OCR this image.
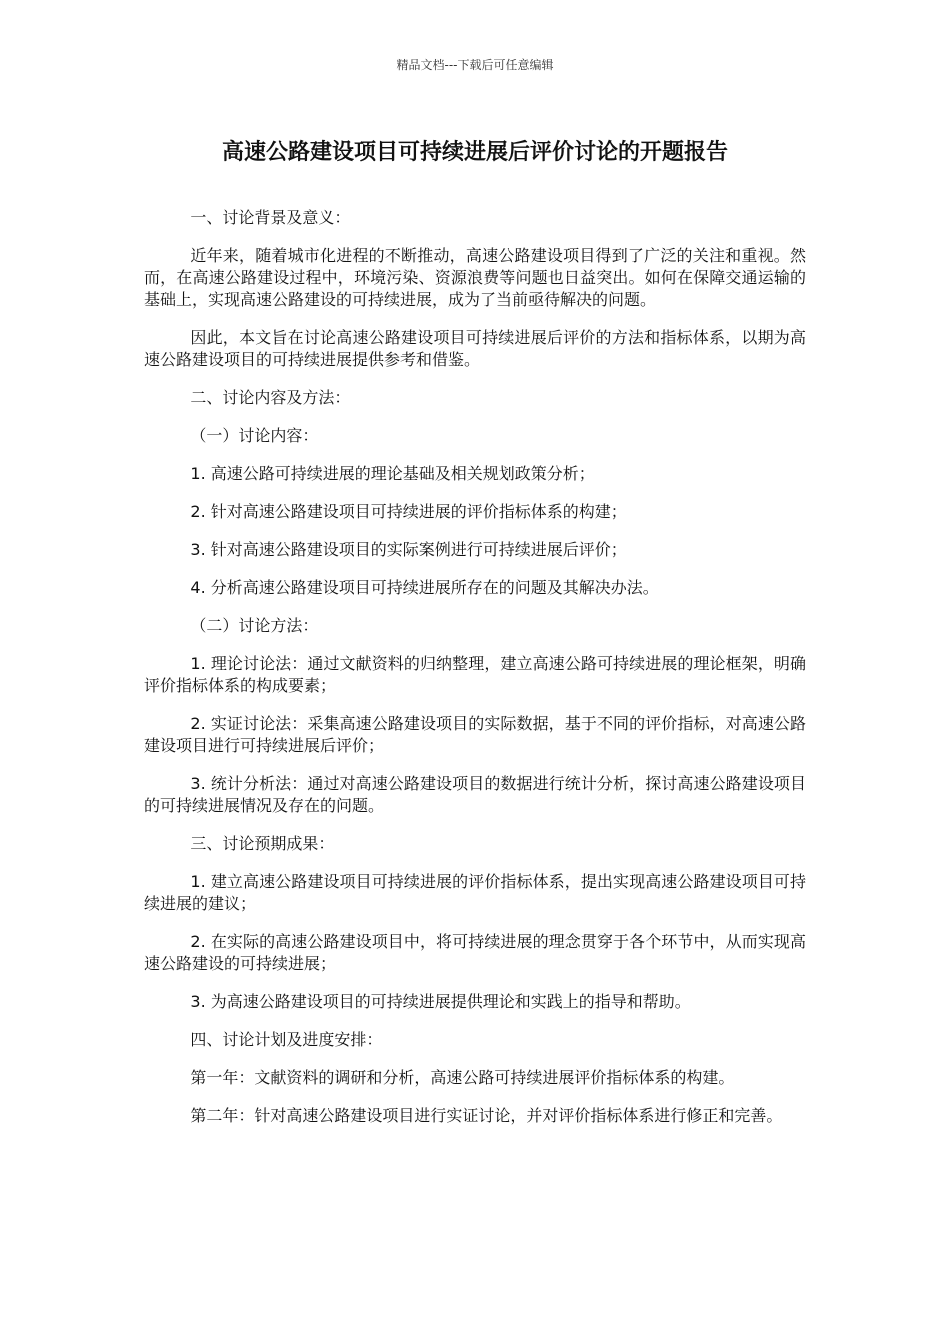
精品文档---下载后可任意编辑
高速公路建设项目可持续进展后评价讨论的开题报告

一、讨论背景及意义：

近年来，随着城市化进程的不断推动，高速公路建设项目得到了广泛的关注和重视。然而，在高速公路建设过程中，环境污染、资源浪费等问题也日益突出。如何在保障交通运输的基础上，实现高速公路建设的可持续进展，成为了当前亟待解决的问题。

因此，本文旨在讨论高速公路建设项目可持续进展后评价的方法和指标体系，以期为高速公路建设项目的可持续进展提供参考和借鉴。

二、讨论内容及方法：

（一）讨论内容：

1. 高速公路可持续进展的理论基础及相关规划政策分析；

2. 针对高速公路建设项目可持续进展的评价指标体系的构建；

3. 针对高速公路建设项目的实际案例进行可持续进展后评价；

4. 分析高速公路建设项目可持续进展所存在的问题及其解决办法。

（二）讨论方法：

1. 理论讨论法：通过文献资料的归纳整理，建立高速公路可持续进展的理论框架，明确评价指标体系的构成要素；

2. 实证讨论法：采集高速公路建设项目的实际数据，基于不同的评价指标，对高速公路建设项目进行可持续进展后评价；

3. 统计分析法：通过对高速公路建设项目的数据进行统计分析，探讨高速公路建设项目的可持续进展情况及存在的问题。

三、讨论预期成果：

1. 建立高速公路建设项目可持续进展的评价指标体系，提出实现高速公路建设项目可持续进展的建议；

2. 在实际的高速公路建设项目中，将可持续进展的理念贯穿于各个环节中，从而实现高速公路建设的可持续进展；

3. 为高速公路建设项目的可持续进展提供理论和实践上的指导和帮助。

四、讨论计划及进度安排：

第一年：文献资料的调研和分析，高速公路可持续进展评价指标体系的构建。

第二年：针对高速公路建设项目进行实证讨论，并对评价指标体系进行修正和完善。
